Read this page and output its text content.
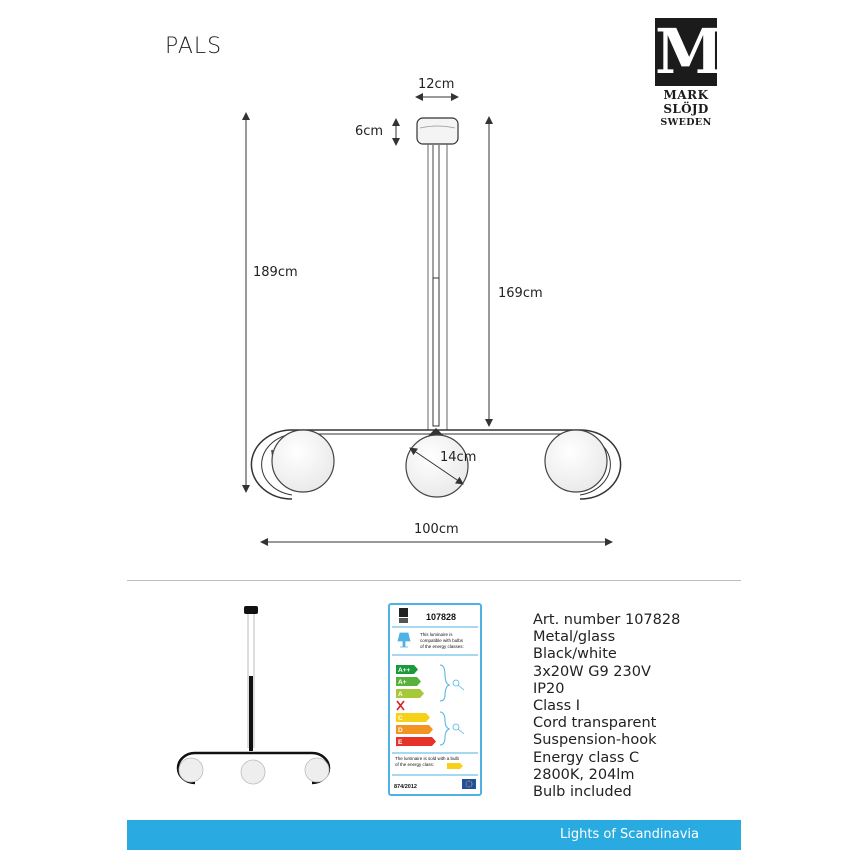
PALS	M
MARK
SLÖJD
SWEDEN
12cm
6cm
189cm
169cm
14cm
100cm
107828
This luminaire is
compatible with bulbs
of the energy classes:
A++
A+
A
C
D
E
The luminaire is sold with a bulb
of the energy class:
874/2012
Art. number 107828
Metal/glass
Black/white
3x20W G9 230V
IP20
Class I
Cord transparent
Suspension-hook
Energy class C
2800K, 204lm
Bulb included
Lights of Scandinavia
